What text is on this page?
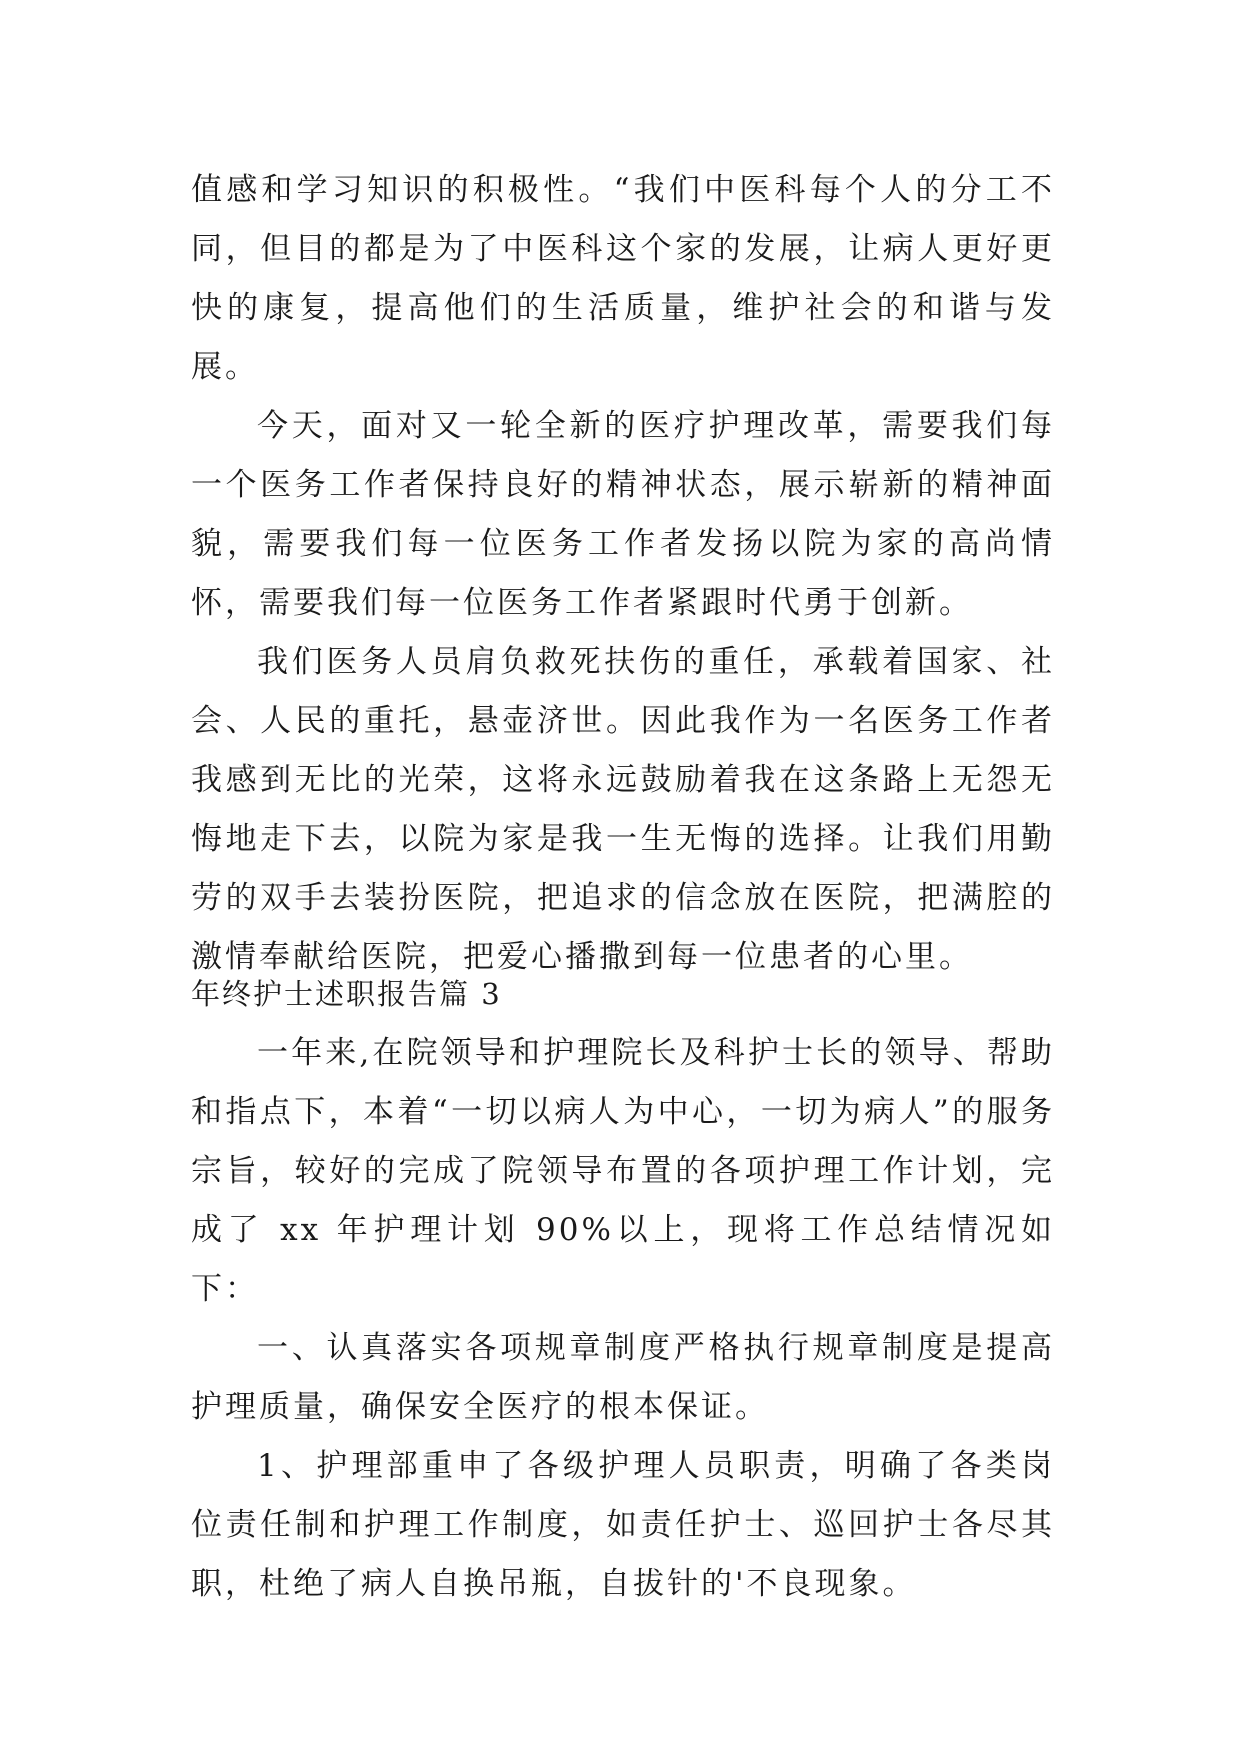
值感和学习知识的积极性。“我们中医科每个人的分工不同，但目的都是为了中医科这个家的发展，让病人更好更快的康复，提高他们的生活质量，维护社会的和谐与发展。

今天，面对又一轮全新的医疗护理改革，需要我们每一个医务工作者保持良好的精神状态，展示崭新的精神面貌，需要我们每一位医务工作者发扬以院为家的高尚情怀，需要我们每一位医务工作者紧跟时代勇于创新。

我们医务人员肩负救死扶伤的重任，承载着国家、社会、人民的重托，悬壶济世。因此我作为一名医务工作者我感到无比的光荣，这将永远鼓励着我在这条路上无怨无悔地走下去，以院为家是我一生无悔的选择。让我们用勤劳的双手去装扮医院，把追求的信念放在医院，把满腔的激情奉献给医院，把爱心播撒到每一位患者的心里。

年终护士述职报告篇 3

一年来,在院领导和护理院长及科护士长的领导、帮助和指点下，本着“一切以病人为中心，一切为病人”的服务宗旨，较好的完成了院领导布置的各项护理工作计划，完成了 xx 年护理计划 90%以上，现将工作总结情况如下：

一、认真落实各项规章制度严格执行规章制度是提高护理质量，确保安全医疗的根本保证。

1、护理部重申了各级护理人员职责，明确了各类岗位责任制和护理工作制度，如责任护士、巡回护士各尽其职，杜绝了病人自换吊瓶，自拔针的'不良现象。
